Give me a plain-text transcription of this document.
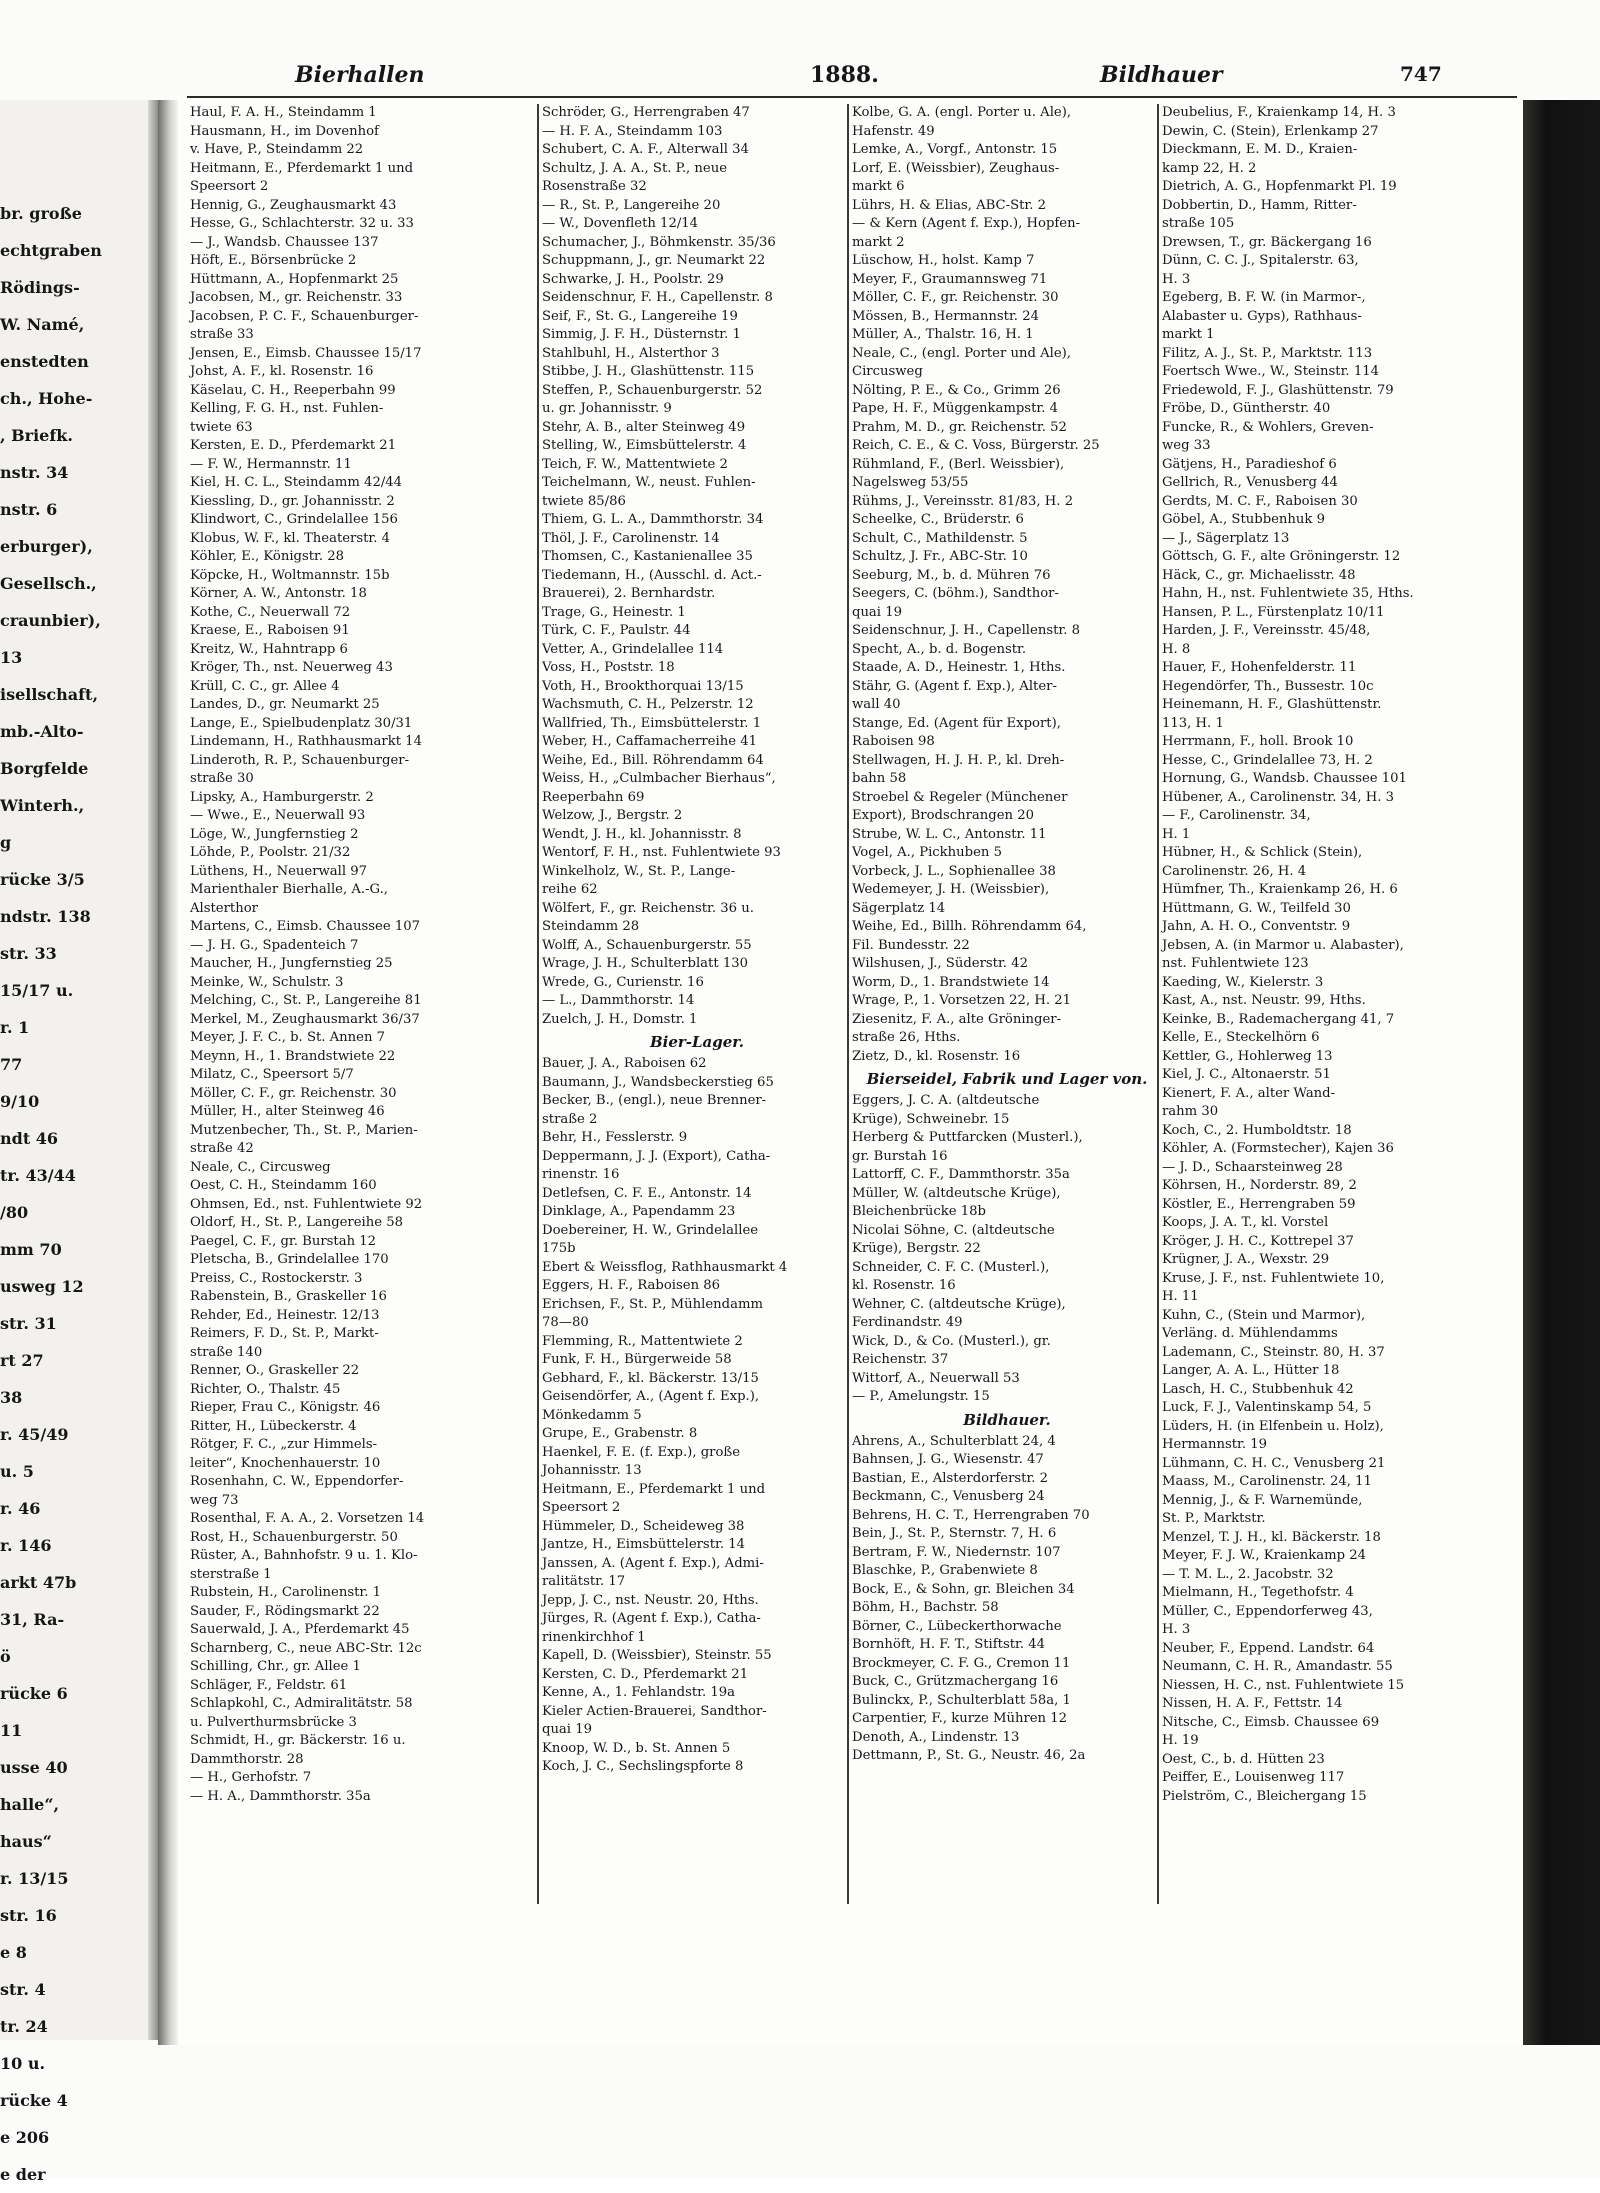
br. große
echtgraben
Rödings-
W. Namé,
enstedten
ch., Hohe-
, Briefk.
nstr. 34
nstr. 6
erburger),
Gesellsch.,
craunbier),
13
isellschaft,
mb.-Alto-
Borgfelde
Winterh.,
g
rücke 3/5
ndstr. 138
str. 33
15/17 u.
r. 1
77
9/10
ndt 46
tr. 43/44
/80
mm 70
usweg 12
str. 31
rt 27
38
r. 45/49
u. 5
r. 46
r. 146
arkt 47b
31, Ra-
ö
rücke 6
11
usse 40
halle“,
haus“
r. 13/15
str. 16
e 8
str. 4
tr. 24
10 u.
rücke 4
e 206
e der
Bierhallen	1888.	Bildhauer	747
Haul, F. A. H., Steindamm 1
Hausmann, H., im Dovenhof
v. Have, P., Steindamm 22
Heitmann, E., Pferdemarkt 1 und
Speersort 2
Hennig, G., Zeughausmarkt 43
Hesse, G., Schlachterstr. 32 u. 33
— J., Wandsb. Chaussee 137
Höft, E., Börsenbrücke 2
Hüttmann, A., Hopfenmarkt 25
Jacobsen, M., gr. Reichenstr. 33
Jacobsen, P. C. F., Schauenburger-
straße 33
Jensen, E., Eimsb. Chaussee 15/17
Johst, A. F., kl. Rosenstr. 16
Käselau, C. H., Reeperbahn 99
Kelling, F. G. H., nst. Fuhlen-
twiete 63
Kersten, E. D., Pferdemarkt 21
— F. W., Hermannstr. 11
Kiel, H. C. L., Steindamm 42/44
Kiessling, D., gr. Johannisstr. 2
Klindwort, C., Grindelallee 156
Klobus, W. F., kl. Theaterstr. 4
Köhler, E., Königstr. 28
Köpcke, H., Woltmannstr. 15b
Körner, A. W., Antonstr. 18
Kothe, C., Neuerwall 72
Kraese, E., Raboisen 91
Kreitz, W., Hahntrapp 6
Kröger, Th., nst. Neuerweg 43
Krüll, C. C., gr. Allee 4
Landes, D., gr. Neumarkt 25
Lange, E., Spielbudenplatz 30/31
Lindemann, H., Rathhausmarkt 14
Linderoth, R. P., Schauenburger-
straße 30
Lipsky, A., Hamburgerstr. 2
— Wwe., E., Neuerwall 93
Löge, W., Jungfernstieg 2
Löhde, P., Poolstr. 21/32
Lüthens, H., Neuerwall 97
Marienthaler Bierhalle, A.-G.,
Alsterthor
Martens, C., Eimsb. Chaussee 107
— J. H. G., Spadenteich 7
Maucher, H., Jungfernstieg 25
Meinke, W., Schulstr. 3
Melching, C., St. P., Langereihe 81
Merkel, M., Zeughausmarkt 36/37
Meyer, J. F. C., b. St. Annen 7
Meynn, H., 1. Brandstwiete 22
Milatz, C., Speersort 5/7
Möller, C. F., gr. Reichenstr. 30
Müller, H., alter Steinweg 46
Mutzenbecher, Th., St. P., Marien-
straße 42
Neale, C., Circusweg
Oest, C. H., Steindamm 160
Ohmsen, Ed., nst. Fuhlentwiete 92
Oldorf, H., St. P., Langereihe 58
Paegel, C. F., gr. Burstah 12
Pletscha, B., Grindelallee 170
Preiss, C., Rostockerstr. 3
Rabenstein, B., Graskeller 16
Rehder, Ed., Heinestr. 12/13
Reimers, F. D., St. P., Markt-
straße 140
Renner, O., Graskeller 22
Richter, O., Thalstr. 45
Rieper, Frau C., Königstr. 46
Ritter, H., Lübeckerstr. 4
Rötger, F. C., „zur Himmels-
leiter“, Knochenhauerstr. 10
Rosenhahn, C. W., Eppendorfer-
weg 73
Rosenthal, F. A. A., 2. Vorsetzen 14
Rost, H., Schauenburgerstr. 50
Rüster, A., Bahnhofstr. 9 u. 1. Klo-
sterstraße 1
Rubstein, H., Carolinenstr. 1
Sauder, F., Rödingsmarkt 22
Sauerwald, J. A., Pferdemarkt 45
Scharnberg, C., neue ABC-Str. 12c
Schilling, Chr., gr. Allee 1
Schläger, F., Feldstr. 61
Schlapkohl, C., Admiralitätstr. 58
u. Pulverthurmsbrücke 3
Schmidt, H., gr. Bäckerstr. 16 u.
Dammthorstr. 28
— H., Gerhofstr. 7
— H. A., Dammthorstr. 35a
Schröder, G., Herrengraben 47
— H. F. A., Steindamm 103
Schubert, C. A. F., Alterwall 34
Schultz, J. A. A., St. P., neue
Rosenstraße 32
— R., St. P., Langereihe 20
— W., Dovenfleth 12/14
Schumacher, J., Böhmkenstr. 35/36
Schuppmann, J., gr. Neumarkt 22
Schwarke, J. H., Poolstr. 29
Seidenschnur, F. H., Capellenstr. 8
Seif, F., St. G., Langereihe 19
Simmig, J. F. H., Düsternstr. 1
Stahlbuhl, H., Alsterthor 3
Stibbe, J. H., Glashüttenstr. 115
Steffen, P., Schauenburgerstr. 52
u. gr. Johannisstr. 9
Stehr, A. B., alter Steinweg 49
Stelling, W., Eimsbüttelerstr. 4
Teich, F. W., Mattentwiete 2
Teichelmann, W., neust. Fuhlen-
twiete 85/86
Thiem, G. L. A., Dammthorstr. 34
Thöl, J. F., Carolinenstr. 14
Thomsen, C., Kastanienallee 35
Tiedemann, H., (Ausschl. d. Act.-
Brauerei), 2. Bernhardstr.
Trage, G., Heinestr. 1
Türk, C. F., Paulstr. 44
Vetter, A., Grindelallee 114
Voss, H., Poststr. 18
Voth, H., Brookthorquai 13/15
Wachsmuth, C. H., Pelzerstr. 12
Wallfried, Th., Eimsbüttelerstr. 1
Weber, H., Caffamacherreihe 41
Weihe, Ed., Bill. Röhrendamm 64
Weiss, H., „Culmbacher Bierhaus“,
Reeperbahn 69
Welzow, J., Bergstr. 2
Wendt, J. H., kl. Johannisstr. 8
Wentorf, F. H., nst. Fuhlentwiete 93
Winkelholz, W., St. P., Lange-
reihe 62
Wölfert, F., gr. Reichenstr. 36 u.
Steindamm 28
Wolff, A., Schauenburgerstr. 55
Wrage, J. H., Schulterblatt 130
Wrede, G., Curienstr. 16
— L., Dammthorstr. 14
Zuelch, J. H., Domstr. 1
Bier-Lager.
Bauer, J. A., Raboisen 62
Baumann, J., Wandsbeckerstieg 65
Becker, B., (engl.), neue Brenner-
straße 2
Behr, H., Fesslerstr. 9
Deppermann, J. J. (Export), Catha-
rinenstr. 16
Detlefsen, C. F. E., Antonstr. 14
Dinklage, A., Papendamm 23
Doebereiner, H. W., Grindelallee
175b
Ebert & Weissflog, Rathhausmarkt 4
Eggers, H. F., Raboisen 86
Erichsen, F., St. P., Mühlendamm
78—80
Flemming, R., Mattentwiete 2
Funk, F. H., Bürgerweide 58
Gebhard, F., kl. Bäckerstr. 13/15
Geisendörfer, A., (Agent f. Exp.),
Mönkedamm 5
Grupe, E., Grabenstr. 8
Haenkel, F. E. (f. Exp.), große
Johannisstr. 13
Heitmann, E., Pferdemarkt 1 und
Speersort 2
Hümmeler, D., Scheideweg 38
Jantze, H., Eimsbüttelerstr. 14
Janssen, A. (Agent f. Exp.), Admi-
ralitätstr. 17
Jepp, J. C., nst. Neustr. 20, Hths.
Jürges, R. (Agent f. Exp.), Catha-
rinenkirchhof 1
Kapell, D. (Weissbier), Steinstr. 55
Kersten, C. D., Pferdemarkt 21
Kenne, A., 1. Fehlandstr. 19a
Kieler Actien-Brauerei, Sandthor-
quai 19
Knoop, W. D., b. St. Annen 5
Koch, J. C., Sechslingspforte 8
Kolbe, G. A. (engl. Porter u. Ale),
Hafenstr. 49
Lemke, A., Vorgf., Antonstr. 15
Lorf, E. (Weissbier), Zeughaus-
markt 6
Lührs, H. & Elias, ABC-Str. 2
— & Kern (Agent f. Exp.), Hopfen-
markt 2
Lüschow, H., holst. Kamp 7
Meyer, F., Graumannsweg 71
Möller, C. F., gr. Reichenstr. 30
Mössen, B., Hermannstr. 24
Müller, A., Thalstr. 16, H. 1
Neale, C., (engl. Porter und Ale),
Circusweg
Nölting, P. E., & Co., Grimm 26
Pape, H. F., Müggenkampstr. 4
Prahm, M. D., gr. Reichenstr. 52
Reich, C. E., & C. Voss, Bürgerstr. 25
Rühmland, F., (Berl. Weissbier),
Nagelsweg 53/55
Rühms, J., Vereinsstr. 81/83, H. 2
Scheelke, C., Brüderstr. 6
Schult, C., Mathildenstr. 5
Schultz, J. Fr., ABC-Str. 10
Seeburg, M., b. d. Mühren 76
Seegers, C. (böhm.), Sandthor-
quai 19
Seidenschnur, J. H., Capellenstr. 8
Specht, A., b. d. Bogenstr.
Staade, A. D., Heinestr. 1, Hths.
Stähr, G. (Agent f. Exp.), Alter-
wall 40
Stange, Ed. (Agent für Export),
Raboisen 98
Stellwagen, H. J. H. P., kl. Dreh-
bahn 58
Stroebel & Regeler (Münchener
Export), Brodschrangen 20
Strube, W. L. C., Antonstr. 11
Vogel, A., Pickhuben 5
Vorbeck, J. L., Sophienallee 38
Wedemeyer, J. H. (Weissbier),
Sägerplatz 14
Weihe, Ed., Billh. Röhrendamm 64,
Fil. Bundesstr. 22
Wilshusen, J., Süderstr. 42
Worm, D., 1. Brandstwiete 14
Wrage, P., 1. Vorsetzen 22, H. 21
Ziesenitz, F. A., alte Gröninger-
straße 26, Hths.
Zietz, D., kl. Rosenstr. 16
Bierseidel, Fabrik und Lager von.
Eggers, J. C. A. (altdeutsche
Krüge), Schweinebr. 15
Herberg & Puttfarcken (Musterl.),
gr. Burstah 16
Lattorff, C. F., Dammthorstr. 35a
Müller, W. (altdeutsche Krüge),
Bleichenbrücke 18b
Nicolai Söhne, C. (altdeutsche
Krüge), Bergstr. 22
Schneider, C. F. C. (Musterl.),
kl. Rosenstr. 16
Wehner, C. (altdeutsche Krüge),
Ferdinandstr. 49
Wick, D., & Co. (Musterl.), gr.
Reichenstr. 37
Wittorf, A., Neuerwall 53
— P., Amelungstr. 15
Bildhauer.
Ahrens, A., Schulterblatt 24, 4
Bahnsen, J. G., Wiesenstr. 47
Bastian, E., Alsterdorferstr. 2
Beckmann, C., Venusberg 24
Behrens, H. C. T., Herrengraben 70
Bein, J., St. P., Sternstr. 7, H. 6
Bertram, F. W., Niedernstr. 107
Blaschke, P., Grabenwiete 8
Bock, E., & Sohn, gr. Bleichen 34
Böhm, H., Bachstr. 58
Börner, C., Lübeckerthorwache
Bornhöft, H. F. T., Stiftstr. 44
Brockmeyer, C. F. G., Cremon 11
Buck, C., Grützmachergang 16
Bulinckx, P., Schulterblatt 58a, 1
Carpentier, F., kurze Mühren 12
Denoth, A., Lindenstr. 13
Dettmann, P., St. G., Neustr. 46, 2a
Deubelius, F., Kraienkamp 14, H. 3
Dewin, C. (Stein), Erlenkamp 27
Dieckmann, E. M. D., Kraien-
kamp 22, H. 2
Dietrich, A. G., Hopfenmarkt Pl. 19
Dobbertin, D., Hamm, Ritter-
straße 105
Drewsen, T., gr. Bäckergang 16
Dünn, C. C. J., Spitalerstr. 63,
H. 3
Egeberg, B. F. W. (in Marmor-,
Alabaster u. Gyps), Rathhaus-
markt 1
Filitz, A. J., St. P., Marktstr. 113
Foertsch Wwe., W., Steinstr. 114
Friedewold, F. J., Glashüttenstr. 79
Fröbe, D., Güntherstr. 40
Funcke, R., & Wohlers, Greven-
weg 33
Gätjens, H., Paradieshof 6
Gellrich, R., Venusberg 44
Gerdts, M. C. F., Raboisen 30
Göbel, A., Stubbenhuk 9
— J., Sägerplatz 13
Göttsch, G. F., alte Gröningerstr. 12
Häck, C., gr. Michaelisstr. 48
Hahn, H., nst. Fuhlentwiete 35, Hths.
Hansen, P. L., Fürstenplatz 10/11
Harden, J. F., Vereinsstr. 45/48,
H. 8
Hauer, F., Hohenfelderstr. 11
Hegendörfer, Th., Bussestr. 10c
Heinemann, H. F., Glashüttenstr.
113, H. 1
Herrmann, F., holl. Brook 10
Hesse, C., Grindelallee 73, H. 2
Hornung, G., Wandsb. Chaussee 101
Hübener, A., Carolinenstr. 34, H. 3
— F., Carolinenstr. 34,
H. 1
Hübner, H., & Schlick (Stein),
Carolinenstr. 26, H. 4
Hümfner, Th., Kraienkamp 26, H. 6
Hüttmann, G. W., Teilfeld 30
Jahn, A. H. O., Conventstr. 9
Jebsen, A. (in Marmor u. Alabaster),
nst. Fuhlentwiete 123
Kaeding, W., Kielerstr. 3
Kast, A., nst. Neustr. 99, Hths.
Keinke, B., Rademachergang 41, 7
Kelle, E., Steckelhörn 6
Kettler, G., Hohlerweg 13
Kiel, J. C., Altonaerstr. 51
Kienert, F. A., alter Wand-
rahm 30
Koch, C., 2. Humboldtstr. 18
Köhler, A. (Formstecher), Kajen 36
— J. D., Schaarsteinweg 28
Köhrsen, H., Norderstr. 89, 2
Köstler, E., Herrengraben 59
Koops, J. A. T., kl. Vorstel
Kröger, J. H. C., Kottrepel 37
Krügner, J. A., Wexstr. 29
Kruse, J. F., nst. Fuhlentwiete 10,
H. 11
Kuhn, C., (Stein und Marmor),
Verläng. d. Mühlendamms
Lademann, C., Steinstr. 80, H. 37
Langer, A. A. L., Hütter 18
Lasch, H. C., Stubbenhuk 42
Luck, F. J., Valentinskamp 54, 5
Lüders, H. (in Elfenbein u. Holz),
Hermannstr. 19
Lühmann, C. H. C., Venusberg 21
Maass, M., Carolinenstr. 24, 11
Mennig, J., & F. Warnemünde,
St. P., Marktstr.
Menzel, T. J. H., kl. Bäckerstr. 18
Meyer, F. J. W., Kraienkamp 24
— T. M. L., 2. Jacobstr. 32
Mielmann, H., Tegethofstr. 4
Müller, C., Eppendorferweg 43,
H. 3
Neuber, F., Eppend. Landstr. 64
Neumann, C. H. R., Amandastr. 55
Niessen, H. C., nst. Fuhlentwiete 15
Nissen, H. A. F., Fettstr. 14
Nitsche, C., Eimsb. Chaussee 69
H. 19
Oest, C., b. d. Hütten 23
Peiffer, E., Louisenweg 117
Pielström, C., Bleichergang 15
